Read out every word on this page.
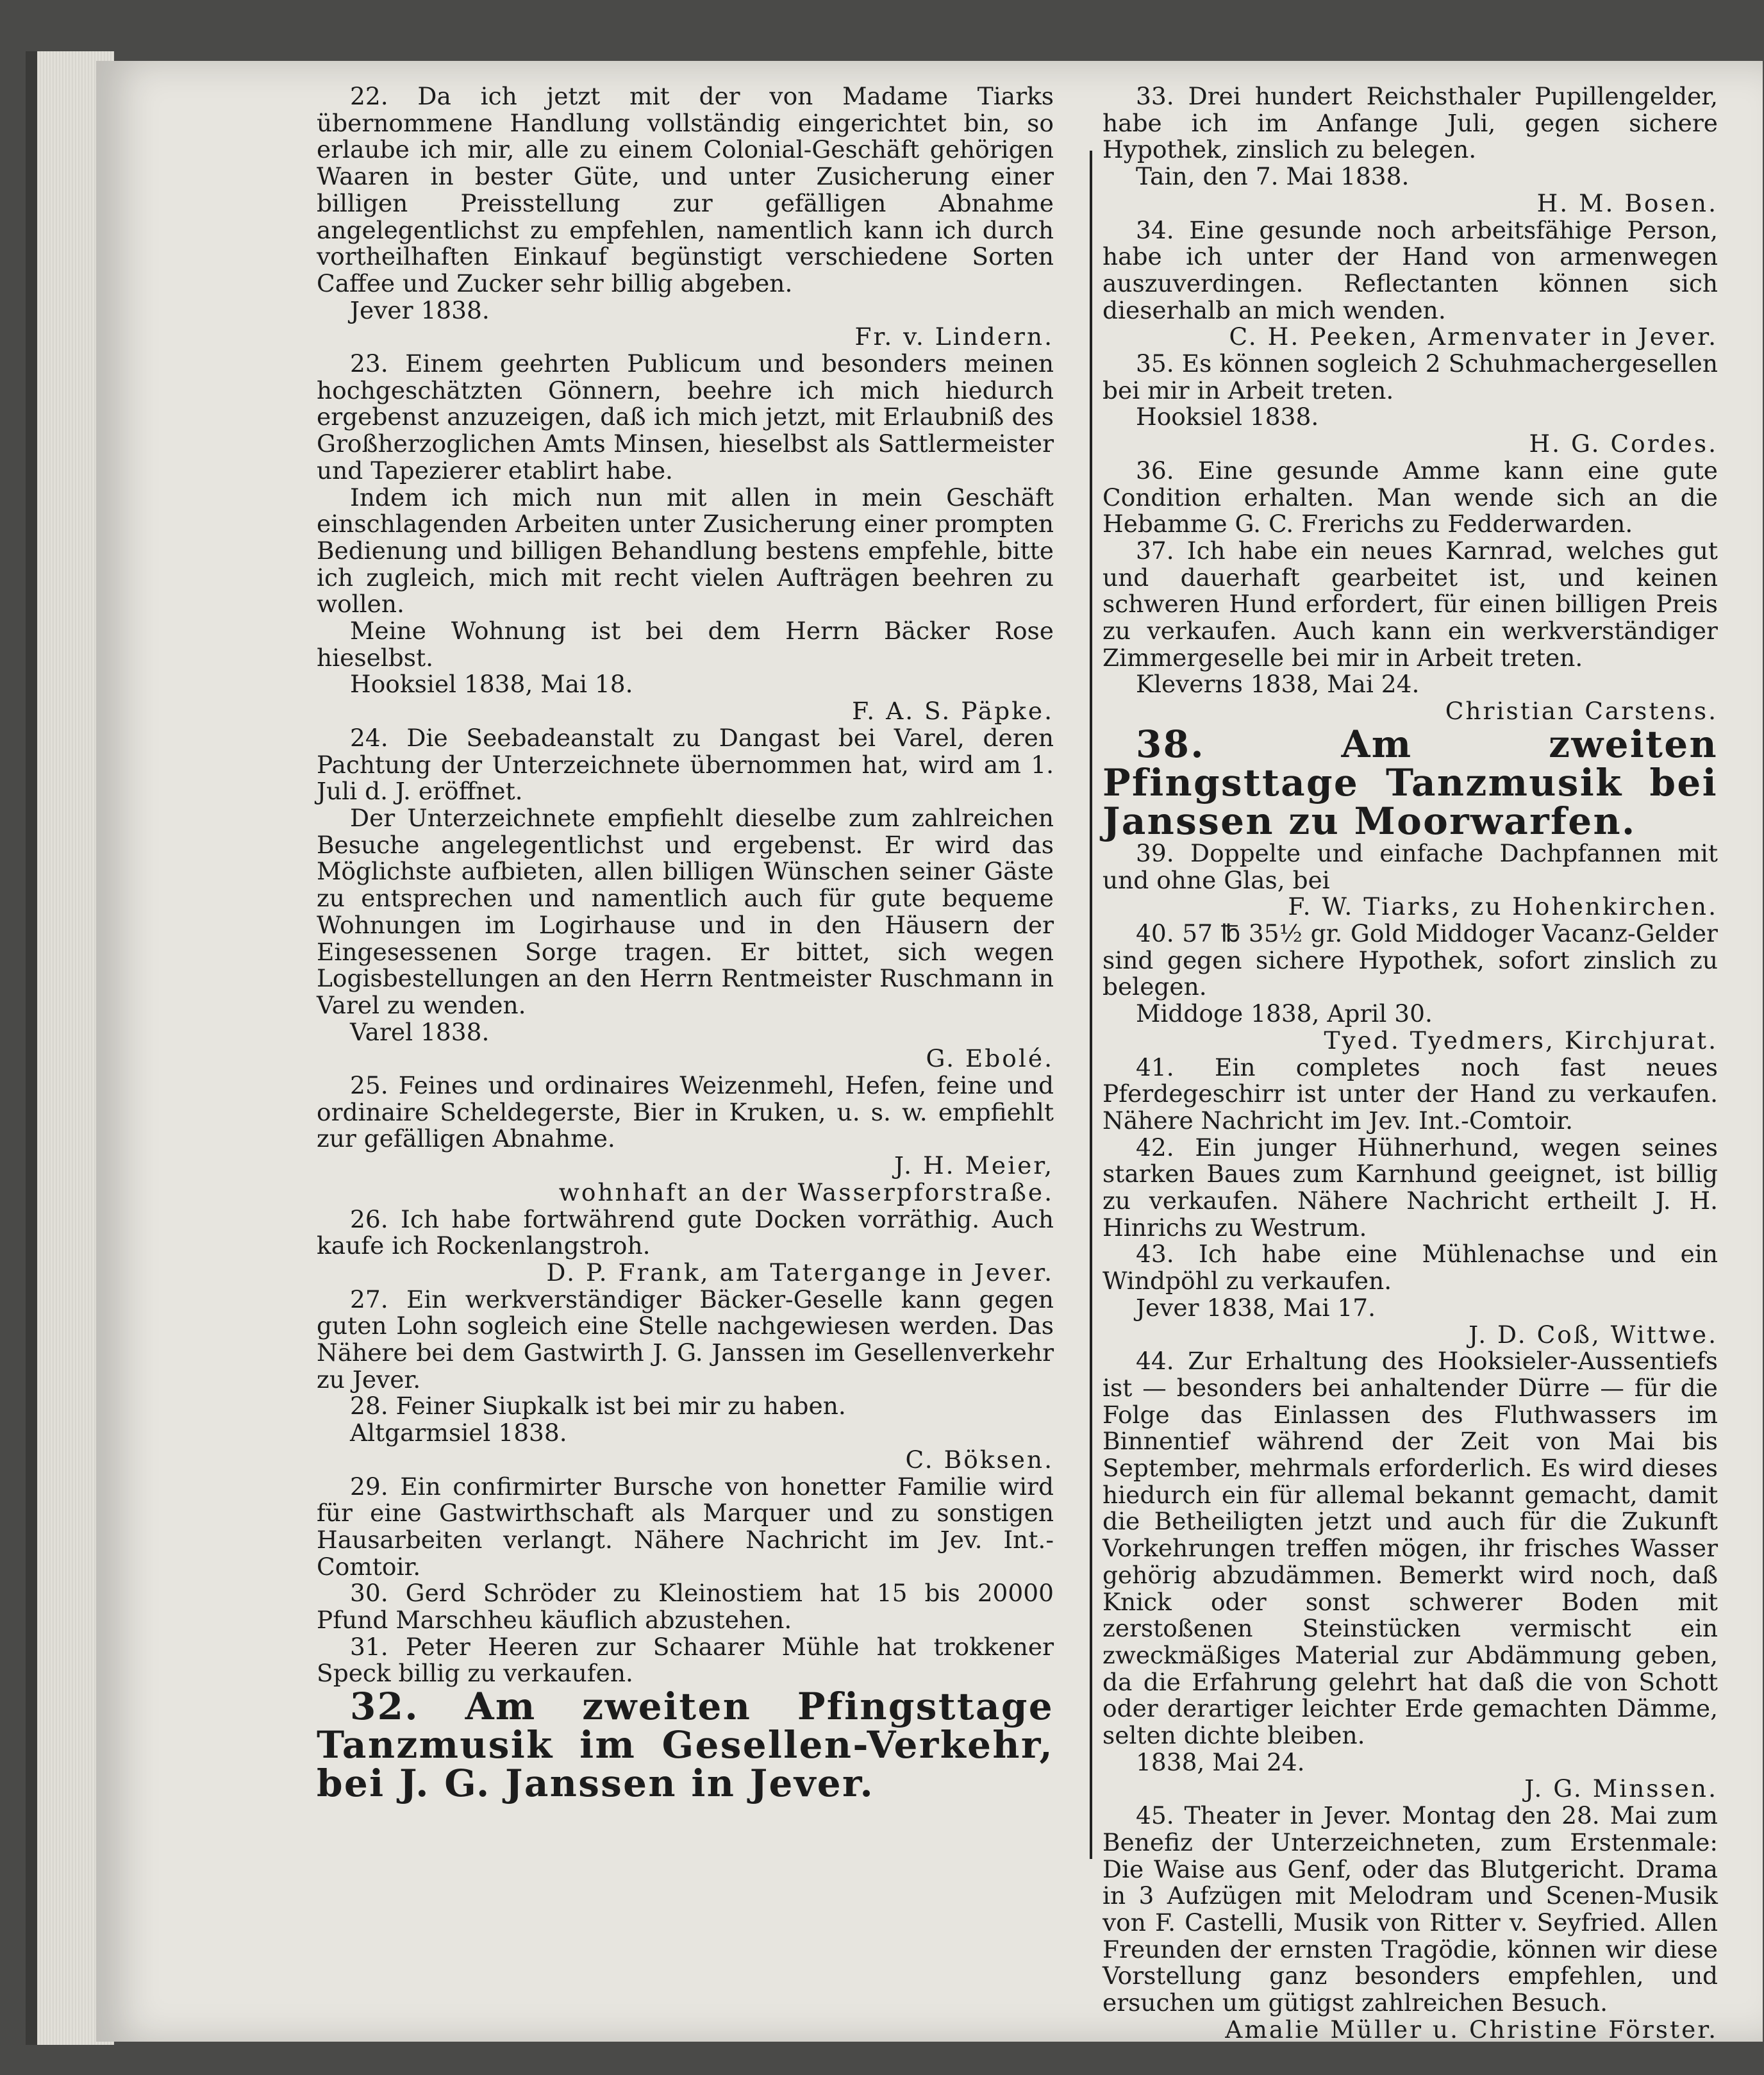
22. Da ich jetzt mit der von Madame Tiarks übernommene Handlung vollständig eingerichtet bin, so erlaube ich mir, alle zu einem Colonial-Geschäft gehörigen Waaren in bester Güte, und unter Zusicherung einer billigen Preisstellung zur gefälligen Abnahme angelegentlichst zu empfehlen, namentlich kann ich durch vortheilhaften Einkauf begünstigt verschiedene Sorten Caffee und Zucker sehr billig abgeben.

Jever 1838.

Fr. v. Lindern.

23. Einem geehrten Publicum und besonders meinen hochgeschätzten Gönnern, beehre ich mich hiedurch ergebenst anzuzeigen, daß ich mich jetzt, mit Erlaubniß des Großherzoglichen Amts Minsen, hieselbst als Sattlermeister und Tapezierer etablirt habe.

Indem ich mich nun mit allen in mein Geschäft einschlagenden Arbeiten unter Zusicherung einer prompten Bedienung und billigen Behandlung bestens empfehle, bitte ich zugleich, mich mit recht vielen Aufträgen beehren zu wollen.

Meine Wohnung ist bei dem Herrn Bäcker Rose hieselbst.

Hooksiel 1838, Mai 18.

F. A. S. Päpke.

24. Die Seebadeanstalt zu Dangast bei Varel, deren Pachtung der Unterzeichnete übernommen hat, wird am 1. Juli d. J. eröffnet.

Der Unterzeichnete empfiehlt dieselbe zum zahlreichen Besuche angelegentlichst und ergebenst. Er wird das Möglichste aufbieten, allen billigen Wünschen seiner Gäste zu entsprechen und namentlich auch für gute bequeme Wohnungen im Logirhause und in den Häusern der Eingesessenen Sorge tragen. Er bittet, sich wegen Logisbestellungen an den Herrn Rentmeister Ruschmann in Varel zu wenden.

Varel 1838.

G. Ebolé.

25. Feines und ordinaires Weizenmehl, Hefen, feine und ordinaire Scheldegerste, Bier in Kruken, u. s. w. empfiehlt zur gefälligen Abnahme.

J. H. Meier,

wohnhaft an der Wasserpforstraße.

26. Ich habe fortwährend gute Docken vorräthig. Auch kaufe ich Rockenlangstroh.

D. P. Frank, am Tatergange in Jever.

27. Ein werkverständiger Bäcker-Geselle kann gegen guten Lohn sogleich eine Stelle nachgewiesen werden. Das Nähere bei dem Gastwirth J. G. Janssen im Gesellenverkehr zu Jever.

28. Feiner Siupkalk ist bei mir zu haben.

Altgarmsiel 1838.

C. Böksen.

29. Ein confirmirter Bursche von honetter Familie wird für eine Gastwirthschaft als Marquer und zu sonstigen Hausarbeiten verlangt. Nähere Nachricht im Jev. Int.-Comtoir.

30. Gerd Schröder zu Kleinostiem hat 15 bis 20000 Pfund Marschheu käuflich abzustehen.

31. Peter Heeren zur Schaarer Mühle hat trokkener Speck billig zu verkaufen.

32. Am zweiten Pfingsttage Tanzmusik im Gesellen-Verkehr, bei J. G. Janssen in Jever.

33. Drei hundert Reichsthaler Pupillengelder, habe ich im Anfange Juli, gegen sichere Hypothek, zinslich zu belegen.

Tain, den 7. Mai 1838.

H. M. Bosen.

34. Eine gesunde noch arbeitsfähige Person, habe ich unter der Hand von armenwegen auszuverdingen. Reflectanten können sich dieserhalb an mich wenden.

C. H. Peeken, Armenvater in Jever.

35. Es können sogleich 2 Schuhmachergesellen bei mir in Arbeit treten.

Hooksiel 1838.

H. G. Cordes.

36. Eine gesunde Amme kann eine gute Condition erhalten. Man wende sich an die Hebamme G. C. Frerichs zu Fedderwarden.

37. Ich habe ein neues Karnrad, welches gut und dauerhaft gearbeitet ist, und keinen schweren Hund erfordert, für einen billigen Preis zu verkaufen. Auch kann ein werkverständiger Zimmergeselle bei mir in Arbeit treten.

Kleverns 1838, Mai 24.

Christian Carstens.

38. Am zweiten Pfingsttage Tanzmusik bei Janssen zu Moorwarfen.

39. Doppelte und einfache Dachpfannen mit und ohne Glas, bei

F. W. Tiarks, zu Hohenkirchen.

40. 57 ℔ 35½ gr. Gold Middoger Vacanz-Gelder sind gegen sichere Hypothek, sofort zinslich zu belegen.

Middoge 1838, April 30.

Tyed. Tyedmers, Kirchjurat.

41. Ein completes noch fast neues Pferdegeschirr ist unter der Hand zu verkaufen. Nähere Nachricht im Jev. Int.-Comtoir.

42. Ein junger Hühnerhund, wegen seines starken Baues zum Karnhund geeignet, ist billig zu verkaufen. Nähere Nachricht ertheilt J. H. Hinrichs zu Westrum.

43. Ich habe eine Mühlenachse und ein Windpöhl zu verkaufen.

Jever 1838, Mai 17.

J. D. Coß, Wittwe.

44. Zur Erhaltung des Hooksieler-Aussentiefs ist — besonders bei anhaltender Dürre — für die Folge das Einlassen des Fluthwassers im Binnentief während der Zeit von Mai bis September, mehrmals erforderlich. Es wird dieses hiedurch ein für allemal bekannt gemacht, damit die Betheiligten jetzt und auch für die Zukunft Vorkehrungen treffen mögen, ihr frisches Wasser gehörig abzudämmen. Bemerkt wird noch, daß Knick oder sonst schwerer Boden mit zerstoßenen Steinstücken vermischt ein zweckmäßiges Material zur Abdämmung geben, da die Erfahrung gelehrt hat daß die von Schott oder derartiger leichter Erde gemachten Dämme, selten dichte bleiben.

1838, Mai 24.

J. G. Minssen.

45. Theater in Jever. Montag den 28. Mai zum Benefiz der Unterzeichneten, zum Erstenmale: Die Waise aus Genf, oder das Blutgericht. Drama in 3 Aufzügen mit Melodram und Scenen-Musik von F. Castelli, Musik von Ritter v. Seyfried. Allen Freunden der ernsten Tragödie, können wir diese Vorstellung ganz besonders empfehlen, und ersuchen um gütigst zahlreichen Besuch.

Amalie Müller u. Christine Förster.
